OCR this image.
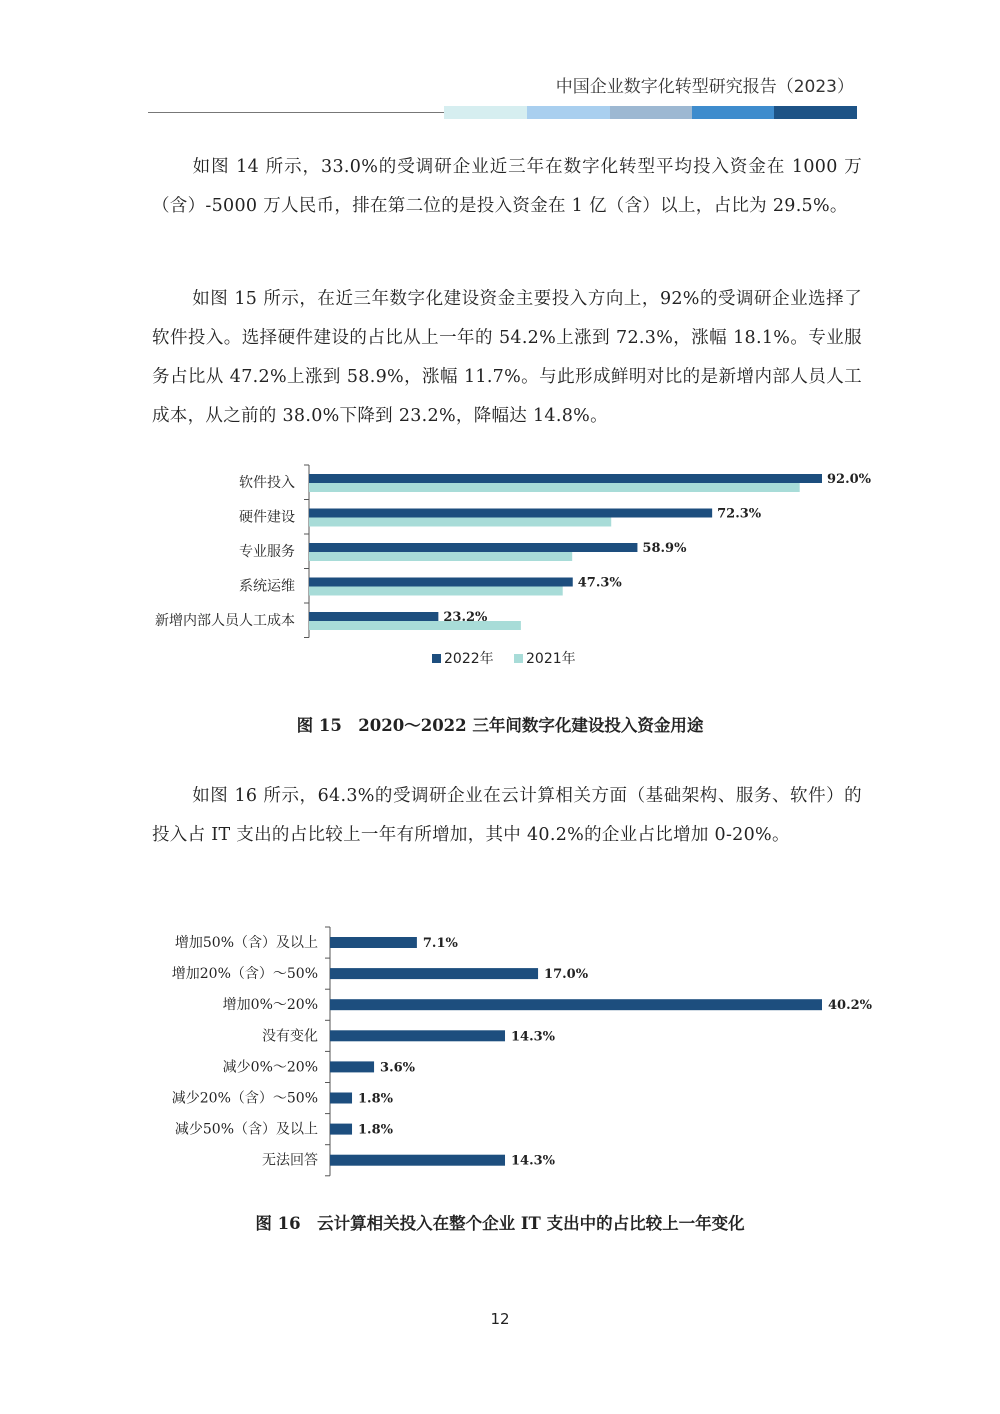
中国企业数字化转型研究报告（2023）

如图 14 所示，33.0%的受调研企业近三年在数字化转型平均投入资金在 1000 万（含）-5000 万人民币，排在第二位的是投入资金在 1 亿（含）以上，占比为 29.5%。

如图 15 所示，在近三年数字化建设资金主要投入方向上，92%的受调研企业选择了软件投入。选择硬件建设的占比从上一年的 54.2%上涨到 72.3%，涨幅 18.1%。专业服务占比从 47.2%上涨到 58.9%，涨幅 11.7%。与此形成鲜明对比的是新增内部人员人工成本，从之前的 38.0%下降到 23.2%，降幅达 14.8%。

软件投入	92.0%
硬件建设	72.3%
专业服务	58.9%
系统运维	47.3%
新增内部人员人工成本	23.2%
2022年 2021年
图 15　2020～2022 三年间数字化建设投入资金用途

如图 16 所示，64.3%的受调研企业在云计算相关方面（基础架构、服务、软件）的投入占 IT 支出的占比较上一年有所增加，其中 40.2%的企业占比增加 0-20%。

增加50%（含）及以上	7.1%
增加20%（含）～50%	17.0%
增加0%～20%	40.2%
没有变化	14.3%
减少0%～20%	3.6%
减少20%（含）～50%	1.8%
减少50%（含）及以上	1.8%
无法回答	14.3%
图 16　云计算相关投入在整个企业 IT 支出中的占比较上一年变化
12
